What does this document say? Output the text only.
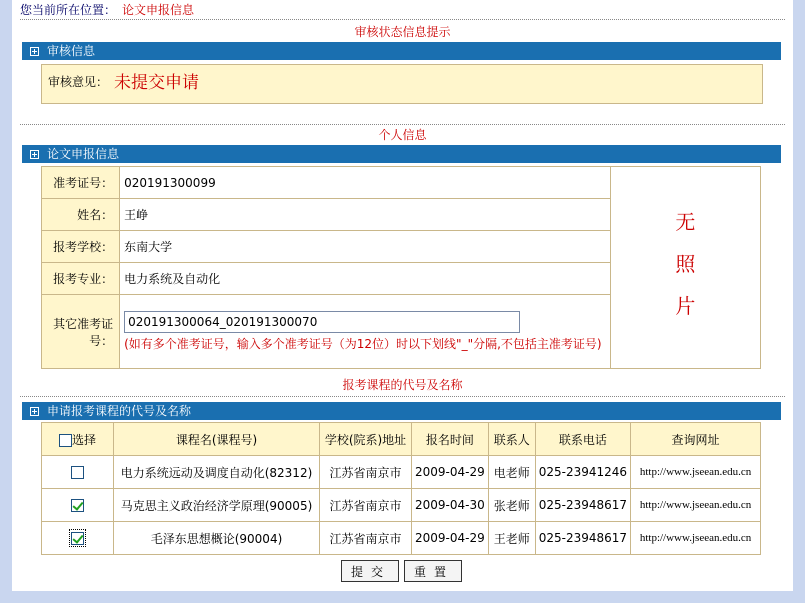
您当前所在位置： 论文申报信息
审核状态信息提示
审核信息
审核意见： 未提交申请
个人信息
论文申报信息
准考证号：	020191300099	无
照
片

姓名：	王峥	
报考学校：	东南大学	
报考专业：	电力系统及自动化	
其它准考证号：	
020191300064_020191300070
(如有多个准考证号，输入多个准考证号（为12位）时以下划线"_"分隔,不包括主准考证号)
报考课程的代号及名称
申请报考课程的代号及名称
选择	课程名(课程号)	学校(院系)地址	报名时间	联系人	联系电话	查询网址
	电力系统远动及调度自动化(82312)	江苏省南京市	2009-04-29	电老师	025-23941246	http://www.jseean.edu.cn
	马克思主义政治经济学原理(90005)	江苏省南京市	2009-04-30	张老师	025-23948617	http://www.jseean.edu.cn
	毛泽东思想概论(90004)	江苏省南京市	2009-04-29	王老师	025-23948617	http://www.jseean.edu.cn
提交	重置
